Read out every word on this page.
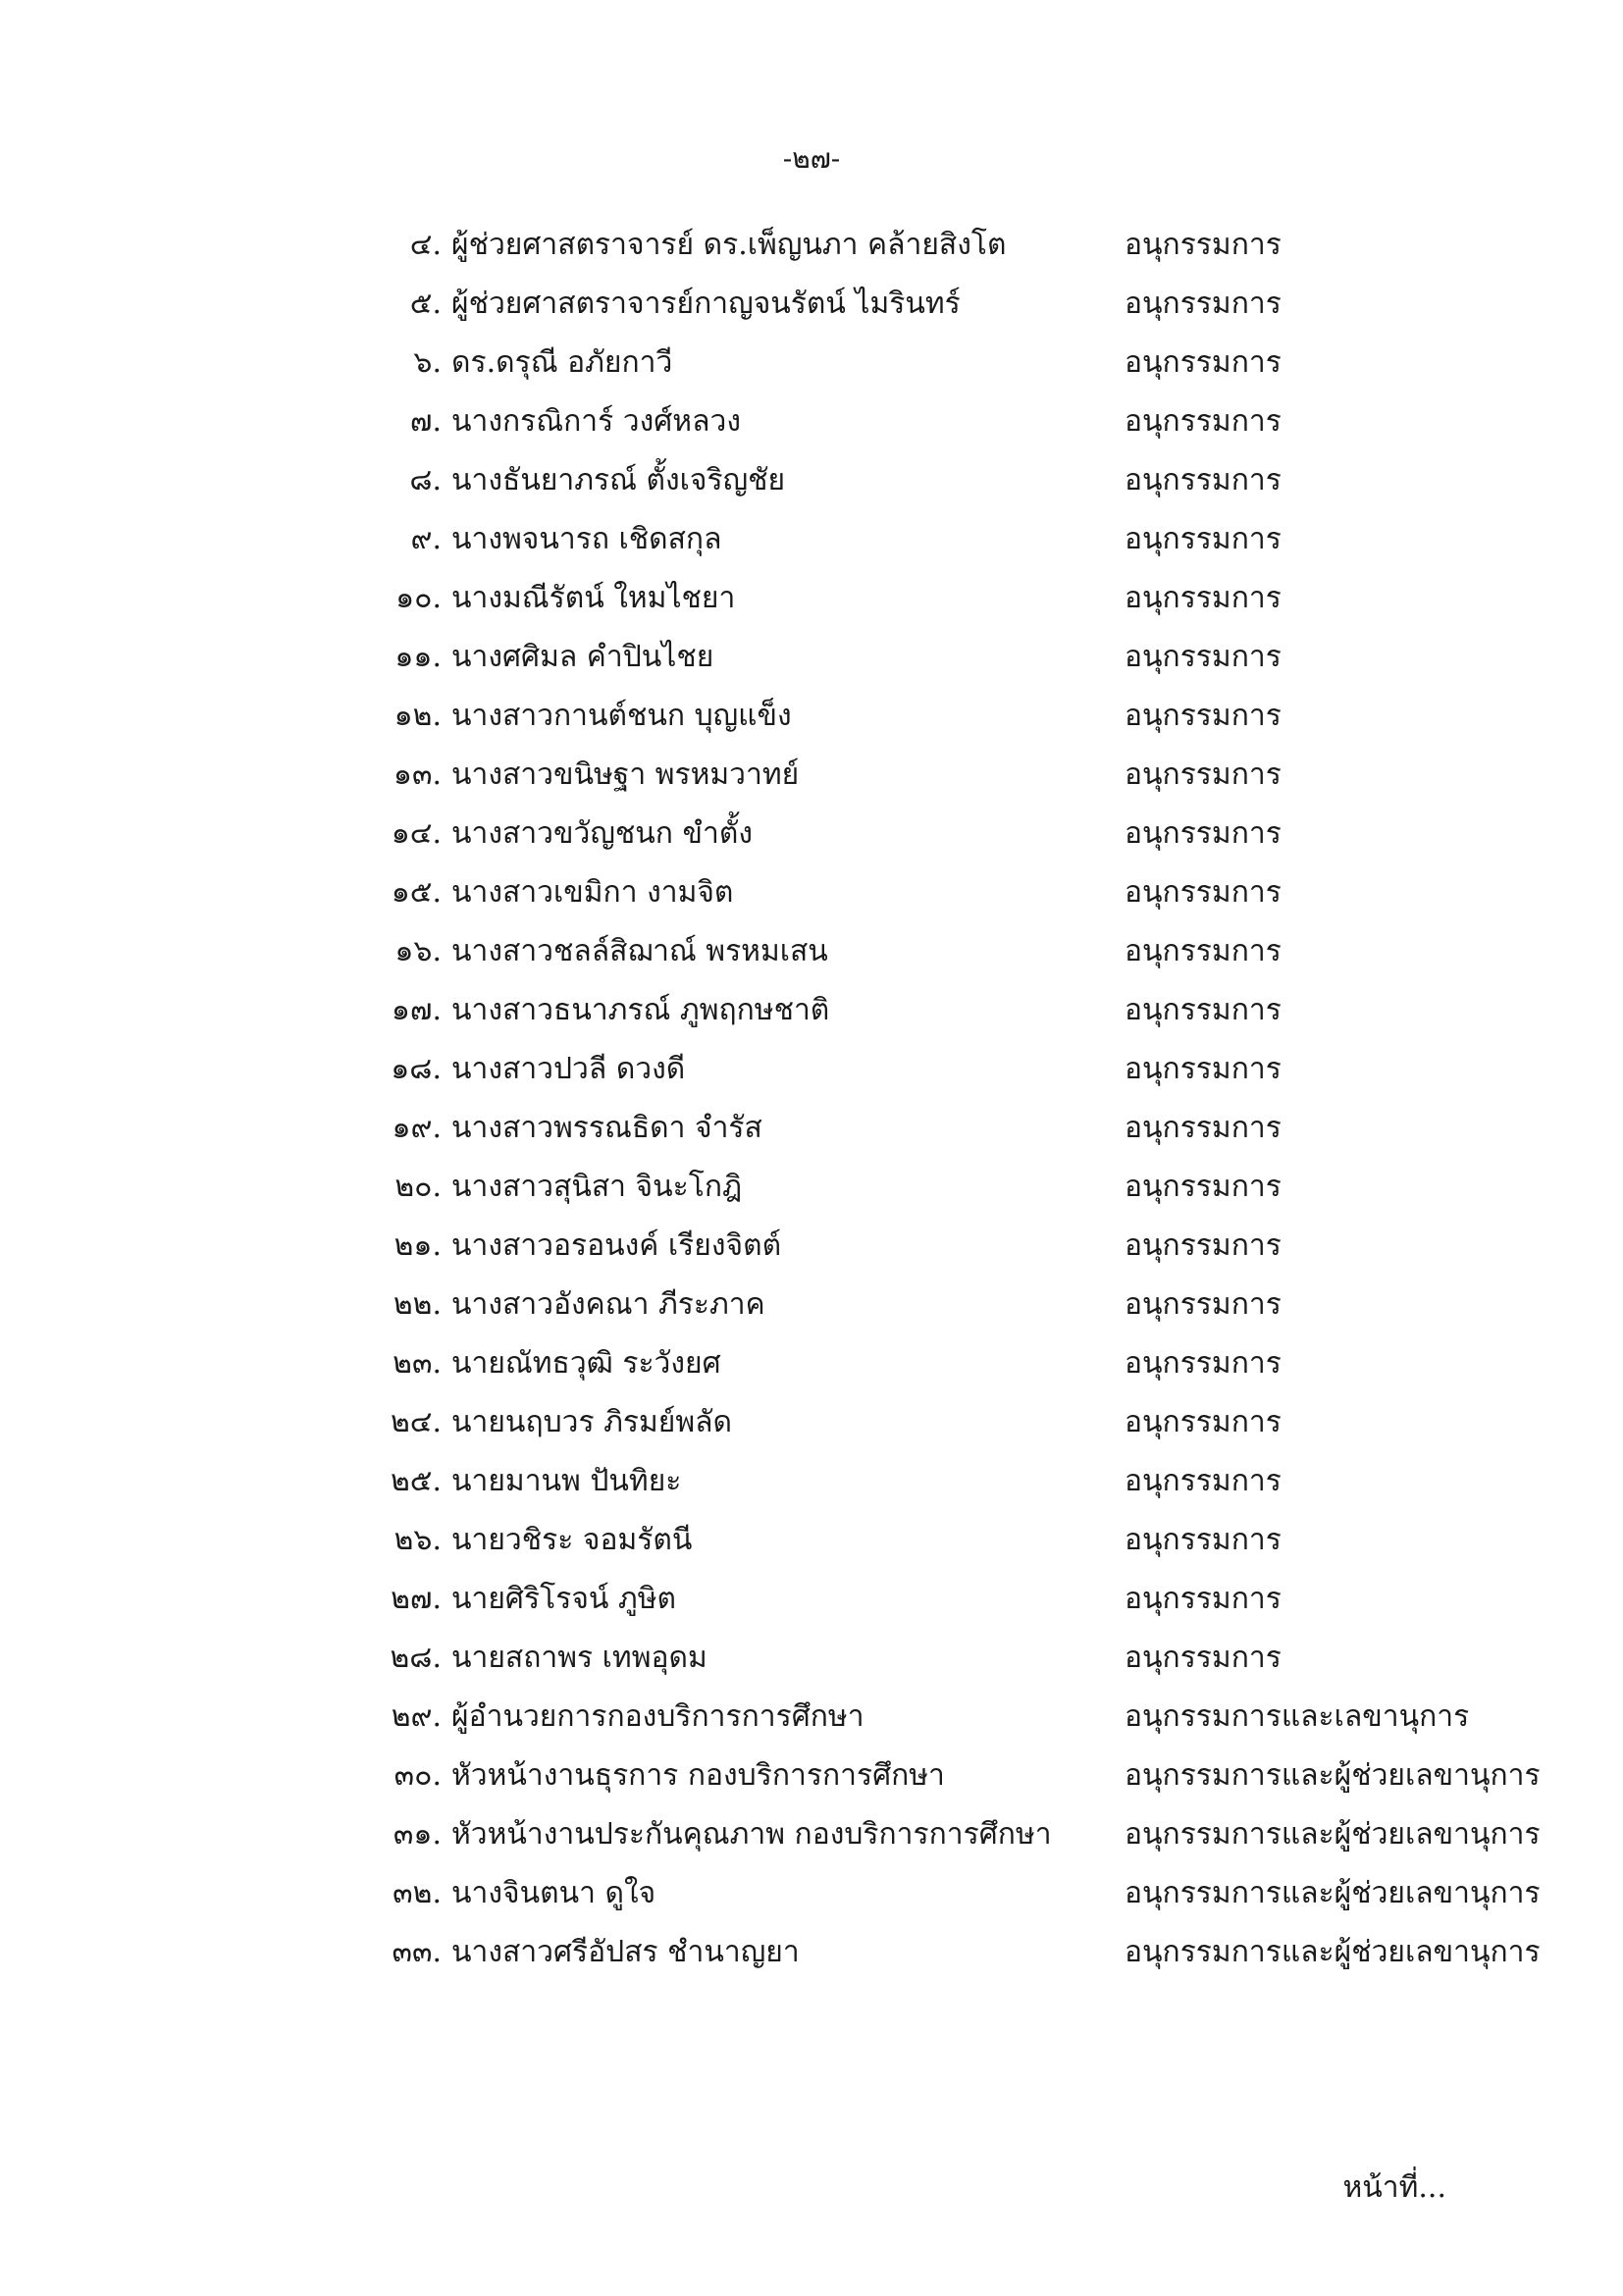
-๒๗-
๔. ผู้ช่วยศาสตราจารย์ ดร.เพ็ญนภา คล้ายสิงโต	อนุกรรมการ
๕. ผู้ช่วยศาสตราจารย์กาญจนรัตน์ ไมรินทร์	อนุกรรมการ
๖. ดร.ดรุณี อภัยกาวี	อนุกรรมการ
๗. นางกรณิการ์ วงศ์หลวง	อนุกรรมการ
๘. นางธันยาภรณ์ ตั้งเจริญชัย	อนุกรรมการ
๙. นางพจนารถ เชิดสกุล	อนุกรรมการ
๑๐. นางมณีรัตน์ ใหมไชยา	อนุกรรมการ
๑๑. นางศศิมล คำปินไชย	อนุกรรมการ
๑๒. นางสาวกานต์ชนก บุญแข็ง	อนุกรรมการ
๑๓. นางสาวขนิษฐา พรหมวาทย์	อนุกรรมการ
๑๔. นางสาวขวัญชนก ขำตั้ง	อนุกรรมการ
๑๕. นางสาวเขมิกา งามจิต	อนุกรรมการ
๑๖. นางสาวชลล์สิฌาณ์ พรหมเสน	อนุกรรมการ
๑๗. นางสาวธนาภรณ์ ภูพฤกษชาติ	อนุกรรมการ
๑๘. นางสาวปวลี ดวงดี	อนุกรรมการ
๑๙. นางสาวพรรณธิดา จำรัส	อนุกรรมการ
๒๐. นางสาวสุนิสา จินะโกฎิ	อนุกรรมการ
๒๑. นางสาวอรอนงค์ เรียงจิตต์	อนุกรรมการ
๒๒. นางสาวอังคณา ภีระภาค	อนุกรรมการ
๒๓. นายณัทธวุฒิ ระวังยศ	อนุกรรมการ
๒๔. นายนฤบวร ภิรมย์พลัด	อนุกรรมการ
๒๕. นายมานพ ปันทิยะ	อนุกรรมการ
๒๖. นายวชิระ จอมรัตนี	อนุกรรมการ
๒๗. นายศิริโรจน์ ภูษิต	อนุกรรมการ
๒๘. นายสถาพร เทพอุดม	อนุกรรมการ
๒๙. ผู้อำนวยการกองบริการการศึกษา	อนุกรรมการและเลขานุการ
๓๐. หัวหน้างานธุรการ กองบริการการศึกษา	อนุกรรมการและผู้ช่วยเลขานุการ
๓๑. หัวหน้างานประกันคุณภาพ กองบริการการศึกษา	อนุกรรมการและผู้ช่วยเลขานุการ
๓๒. นางจินตนา ดูใจ	อนุกรรมการและผู้ช่วยเลขานุการ
๓๓. นางสาวศรีอัปสร ชำนาญยา	อนุกรรมการและผู้ช่วยเลขานุการ
หน้าที่...
